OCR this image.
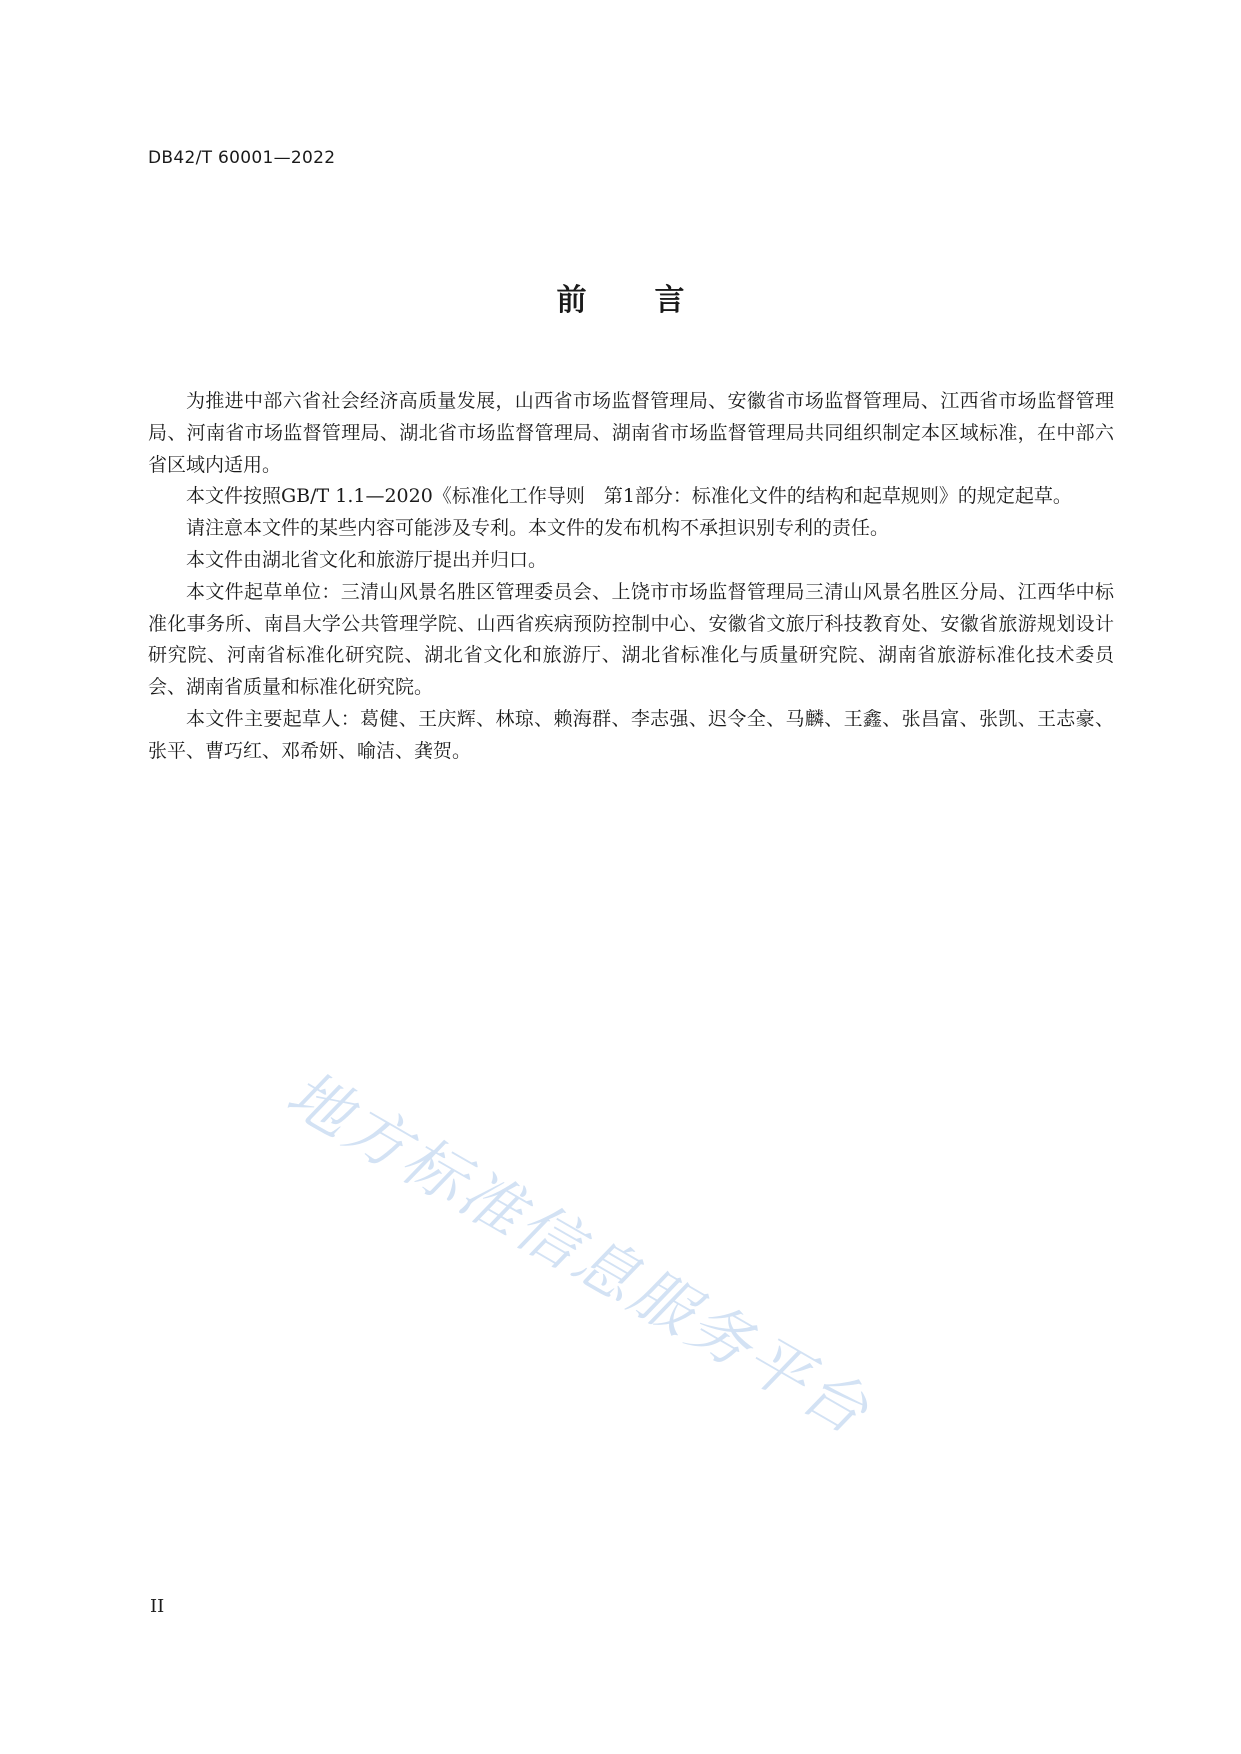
DB42/T 60001—2022
前 言

为推进中部六省社会经济高质量发展，山西省市场监督管理局、安徽省市场监督管理局、江西省市场监督管理局、河南省市场监督管理局、湖北省市场监督管理局、湖南省市场监督管理局共同组织制定本区域标准，在中部六省区域内适用。

本文件按照GB/T 1.1—2020《标准化工作导则　第1部分：标准化文件的结构和起草规则》的规定起草。

请注意本文件的某些内容可能涉及专利。本文件的发布机构不承担识别专利的责任。

本文件由湖北省文化和旅游厅提出并归口。

本文件起草单位：三清山风景名胜区管理委员会、上饶市市场监督管理局三清山风景名胜区分局、江西华中标准化事务所、南昌大学公共管理学院、山西省疾病预防控制中心、安徽省文旅厅科技教育处、安徽省旅游规划设计研究院、河南省标准化研究院、湖北省文化和旅游厅、湖北省标准化与质量研究院、湖南省旅游标准化技术委员会、湖南省质量和标准化研究院。

本文件主要起草人：葛健、王庆辉、林琼、赖海群、李志强、迟令全、马麟、王鑫、张昌富、张凯、王志豪、张平、曹巧红、邓希妍、喻洁、龚贺。

地方标准信息服务平台
II
